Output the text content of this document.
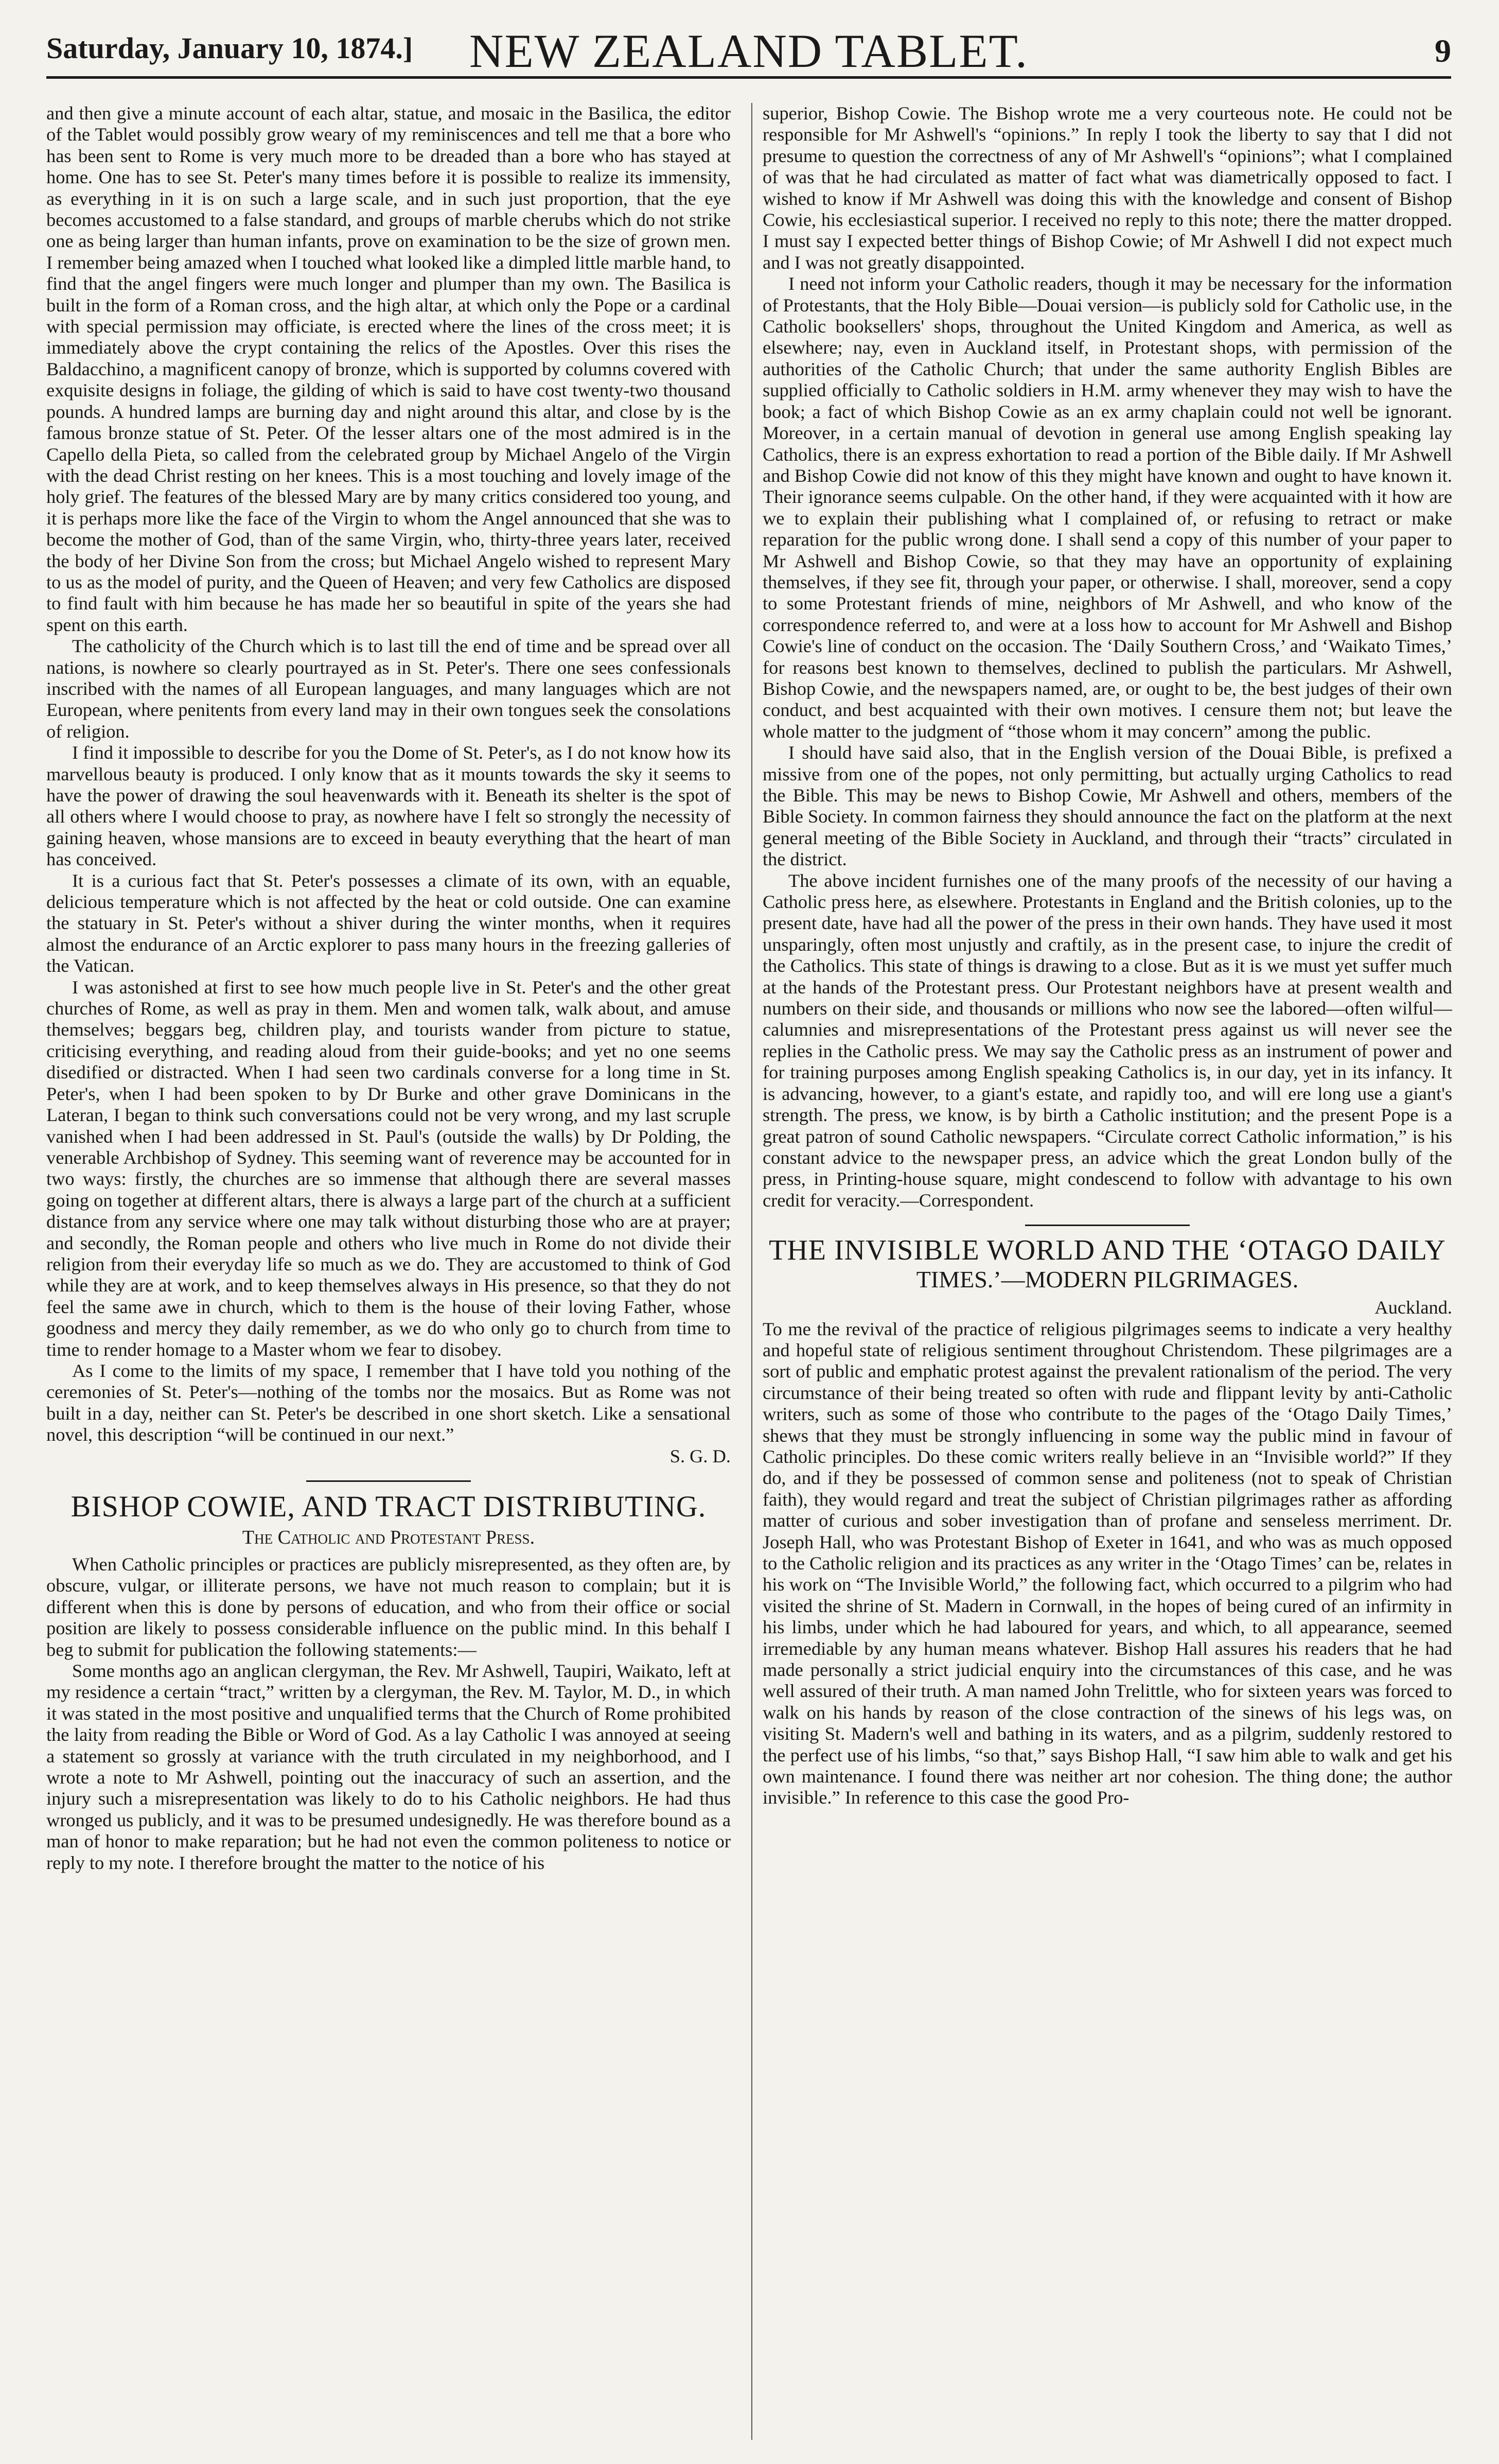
Saturday, January 10, 1874.]	NEW ZEALAND TABLET.	9

and then give a minute account of each altar, statue, and mosaic in the Basilica, the editor of the Tablet would possibly grow weary of my reminiscences and tell me that a bore who has been sent to Rome is very much more to be dreaded than a bore who has stayed at home. One has to see St. Peter's many times before it is possible to realize its immensity, as everything in it is on such a large scale, and in such just proportion, that the eye becomes accustomed to a false standard, and groups of marble cherubs which do not strike one as being larger than human infants, prove on examination to be the size of grown men. I remember being amazed when I touched what looked like a dimpled little marble hand, to find that the angel fingers were much longer and plumper than my own. The Basilica is built in the form of a Roman cross, and the high altar, at which only the Pope or a cardinal with special permission may officiate, is erected where the lines of the cross meet; it is immediately above the crypt containing the relics of the Apostles. Over this rises the Baldacchino, a magnificent canopy of bronze, which is supported by columns covered with exquisite designs in foliage, the gilding of which is said to have cost twenty-two thousand pounds. A hundred lamps are burning day and night around this altar, and close by is the famous bronze statue of St. Peter. Of the lesser altars one of the most admired is in the Capello della Pieta, so called from the celebrated group by Michael Angelo of the Virgin with the dead Christ resting on her knees. This is a most touching and lovely image of the holy grief. The features of the blessed Mary are by many critics considered too young, and it is perhaps more like the face of the Virgin to whom the Angel announced that she was to become the mother of God, than of the same Virgin, who, thirty-three years later, received the body of her Divine Son from the cross; but Michael Angelo wished to represent Mary to us as the model of purity, and the Queen of Heaven; and very few Catholics are disposed to find fault with him because he has made her so beautiful in spite of the years she had spent on this earth.

The catholicity of the Church which is to last till the end of time and be spread over all nations, is nowhere so clearly pourtrayed as in St. Peter's. There one sees confessionals inscribed with the names of all European languages, and many languages which are not European, where penitents from every land may in their own tongues seek the consolations of religion.

I find it impossible to describe for you the Dome of St. Peter's, as I do not know how its marvellous beauty is produced. I only know that as it mounts towards the sky it seems to have the power of drawing the soul heavenwards with it. Beneath its shelter is the spot of all others where I would choose to pray, as nowhere have I felt so strongly the necessity of gaining heaven, whose mansions are to exceed in beauty everything that the heart of man has conceived.

It is a curious fact that St. Peter's possesses a climate of its own, with an equable, delicious temperature which is not affected by the heat or cold outside. One can examine the statuary in St. Peter's without a shiver during the winter months, when it requires almost the endurance of an Arctic explorer to pass many hours in the freezing galleries of the Vatican.

I was astonished at first to see how much people live in St. Peter's and the other great churches of Rome, as well as pray in them. Men and women talk, walk about, and amuse themselves; beggars beg, children play, and tourists wander from picture to statue, criticising everything, and reading aloud from their guide-books; and yet no one seems disedified or distracted. When I had seen two cardinals converse for a long time in St. Peter's, when I had been spoken to by Dr Burke and other grave Dominicans in the Lateran, I began to think such conversations could not be very wrong, and my last scruple vanished when I had been addressed in St. Paul's (outside the walls) by Dr Polding, the venerable Archbishop of Sydney. This seeming want of reverence may be accounted for in two ways: firstly, the churches are so immense that although there are several masses going on together at different altars, there is always a large part of the church at a sufficient distance from any service where one may talk without disturbing those who are at prayer; and secondly, the Roman people and others who live much in Rome do not divide their religion from their everyday life so much as we do. They are accustomed to think of God while they are at work, and to keep themselves always in His presence, so that they do not feel the same awe in church, which to them is the house of their loving Father, whose goodness and mercy they daily remember, as we do who only go to church from time to time to render homage to a Master whom we fear to disobey.

As I come to the limits of my space, I remember that I have told you nothing of the ceremonies of St. Peter's—nothing of the tombs nor the mosaics. But as Rome was not built in a day, neither can St. Peter's be described in one short sketch. Like a sensational novel, this description “will be continued in our next.”

S. G. D.

BISHOP COWIE, AND TRACT DISTRIBUTING.
The Catholic and Protestant Press.

When Catholic principles or practices are publicly misrepresented, as they often are, by obscure, vulgar, or illiterate persons, we have not much reason to complain; but it is different when this is done by persons of education, and who from their office or social position are likely to possess considerable influence on the public mind. In this behalf I beg to submit for publication the following statements:—

Some months ago an anglican clergyman, the Rev. Mr Ashwell, Taupiri, Waikato, left at my residence a certain “tract,” written by a clergyman, the Rev. M. Taylor, M. D., in which it was stated in the most positive and unqualified terms that the Church of Rome prohibited the laity from reading the Bible or Word of God. As a lay Catholic I was annoyed at seeing a statement so grossly at variance with the truth circulated in my neighborhood, and I wrote a note to Mr Ashwell, pointing out the inaccuracy of such an assertion, and the injury such a misrepresentation was likely to do to his Catholic neighbors. He had thus wronged us publicly, and it was to be presumed undesignedly. He was therefore bound as a man of honor to make reparation; but he had not even the common politeness to notice or reply to my note. I therefore brought the matter to the notice of his

superior, Bishop Cowie. The Bishop wrote me a very courteous note. He could not be responsible for Mr Ashwell's “opinions.” In reply I took the liberty to say that I did not presume to question the correctness of any of Mr Ashwell's “opinions”; what I complained of was that he had circulated as matter of fact what was diametrically opposed to fact. I wished to know if Mr Ashwell was doing this with the knowledge and consent of Bishop Cowie, his ecclesiastical superior. I received no reply to this note; there the matter dropped. I must say I expected better things of Bishop Cowie; of Mr Ashwell I did not expect much and I was not greatly disappointed.

I need not inform your Catholic readers, though it may be necessary for the information of Protestants, that the Holy Bible—Douai version—is publicly sold for Catholic use, in the Catholic booksellers' shops, throughout the United Kingdom and America, as well as elsewhere; nay, even in Auckland itself, in Protestant shops, with permission of the authorities of the Catholic Church; that under the same authority English Bibles are supplied officially to Catholic soldiers in H.M. army whenever they may wish to have the book; a fact of which Bishop Cowie as an ex army chaplain could not well be ignorant. Moreover, in a certain manual of devotion in general use among English speaking lay Catholics, there is an express exhortation to read a portion of the Bible daily. If Mr Ashwell and Bishop Cowie did not know of this they might have known and ought to have known it. Their ignorance seems culpable. On the other hand, if they were acquainted with it how are we to explain their publishing what I complained of, or refusing to retract or make reparation for the public wrong done. I shall send a copy of this number of your paper to Mr Ashwell and Bishop Cowie, so that they may have an opportunity of explaining themselves, if they see fit, through your paper, or otherwise. I shall, moreover, send a copy to some Protestant friends of mine, neighbors of Mr Ashwell, and who know of the correspondence referred to, and were at a loss how to account for Mr Ashwell and Bishop Cowie's line of conduct on the occasion. The ‘Daily Southern Cross,’ and ‘Waikato Times,’ for reasons best known to themselves, declined to publish the particulars. Mr Ashwell, Bishop Cowie, and the newspapers named, are, or ought to be, the best judges of their own conduct, and best acquainted with their own motives. I censure them not; but leave the whole matter to the judgment of “those whom it may concern” among the public.

I should have said also, that in the English version of the Douai Bible, is prefixed a missive from one of the popes, not only permitting, but actually urging Catholics to read the Bible. This may be news to Bishop Cowie, Mr Ashwell and others, members of the Bible Society. In common fairness they should announce the fact on the platform at the next general meeting of the Bible Society in Auckland, and through their “tracts” circulated in the district.

The above incident furnishes one of the many proofs of the necessity of our having a Catholic press here, as elsewhere. Protestants in England and the British colonies, up to the present date, have had all the power of the press in their own hands. They have used it most unsparingly, often most unjustly and craftily, as in the present case, to injure the credit of the Catholics. This state of things is drawing to a close. But as it is we must yet suffer much at the hands of the Protestant press. Our Protestant neighbors have at present wealth and numbers on their side, and thousands or millions who now see the labored—often wilful—calumnies and misrepresentations of the Protestant press against us will never see the replies in the Catholic press. We may say the Catholic press as an instrument of power and for training purposes among English speaking Catholics is, in our day, yet in its infancy. It is advancing, however, to a giant's estate, and rapidly too, and will ere long use a giant's strength. The press, we know, is by birth a Catholic institution; and the present Pope is a great patron of sound Catholic newspapers. “Circulate correct Catholic information,” is his constant advice to the newspaper press, an advice which the great London bully of the press, in Printing-house square, might condescend to follow with advantage to his own credit for veracity.—Correspondent.

THE INVISIBLE WORLD AND THE ‘OTAGO DAILY
TIMES.’—MODERN PILGRIMAGES.

Auckland.

To me the revival of the practice of religious pilgrimages seems to indicate a very healthy and hopeful state of religious sentiment throughout Christendom. These pilgrimages are a sort of public and emphatic protest against the prevalent rationalism of the period. The very circumstance of their being treated so often with rude and flippant levity by anti-Catholic writers, such as some of those who contribute to the pages of the ‘Otago Daily Times,’ shews that they must be strongly influencing in some way the public mind in favour of Catholic principles. Do these comic writers really believe in an “Invisible world?” If they do, and if they be possessed of common sense and politeness (not to speak of Christian faith), they would regard and treat the subject of Christian pilgrimages rather as affording matter of curious and sober investigation than of profane and senseless merriment. Dr. Joseph Hall, who was Protestant Bishop of Exeter in 1641, and who was as much opposed to the Catholic religion and its practices as any writer in the ‘Otago Times’ can be, relates in his work on “The Invisible World,” the following fact, which occurred to a pilgrim who had visited the shrine of St. Madern in Cornwall, in the hopes of being cured of an infirmity in his limbs, under which he had laboured for years, and which, to all appearance, seemed irremediable by any human means whatever. Bishop Hall assures his readers that he had made personally a strict judicial enquiry into the circumstances of this case, and he was well assured of their truth. A man named John Trelittle, who for sixteen years was forced to walk on his hands by reason of the close contraction of the sinews of his legs was, on visiting St. Madern's well and bathing in its waters, and as a pilgrim, suddenly restored to the perfect use of his limbs, “so that,” says Bishop Hall, “I saw him able to walk and get his own maintenance. I found there was neither art nor cohesion. The thing done; the author invisible.” In reference to this case the good Pro-
